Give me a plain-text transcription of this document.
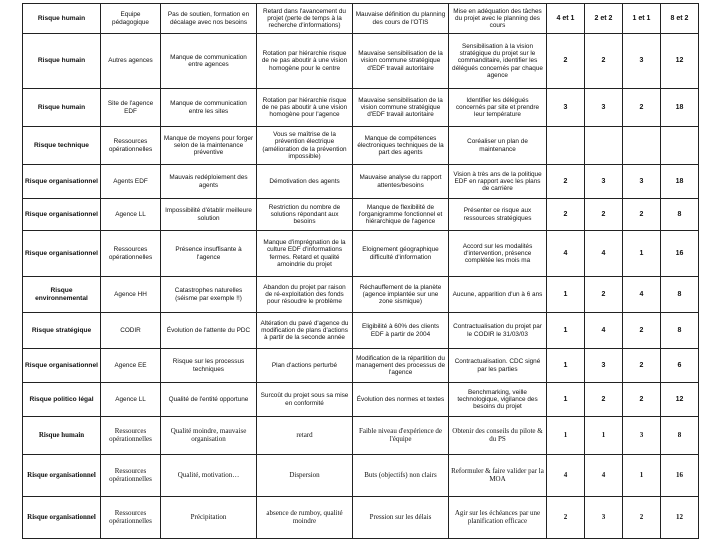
Risque humain	Equipe pédagogique	Pas de soutien, formation en décalage avec nos besoins	Retard dans l'avancement du projet (perte de temps à la recherche d'informations)	Mauvaise définition du planning des cours de l'OTIS	Mise en adéquation des tâches du projet avec le planning des cours	4 et 1	2 et 2	1 et 1	8 et 2
Risque humain	Autres agences	Manque de communication entre agences	Rotation par hiérarchie risque de ne pas aboutir à une vision homogène pour le centre	Mauvaise sensibilisation de la vision commune stratégique d'EDF travail autoritaire	Sensibilisation à la vision stratégique du projet sur le commanditaire, identifier les délégués concernés par chaque agence	2	2	3	12
Risque humain	Site de l'agence EDF	Manque de communication entre les sites	Rotation par hiérarchie risque de ne pas aboutir à une vision homogène pour l'agence	Mauvaise sensibilisation de la vision commune stratégique d'EDF travail autoritaire	Identifier les délégués concernés par site et prendre leur température	3	3	2	18
Risque technique	Ressources opérationnelles	Manque de moyens pour forger selon de la maintenance préventive	Vous se maîtrise de la prévention électrique (amélioration de la prévention impossible)	Manque de compétences électroniques techniques de la part des agents	Coréaliser un plan de maintenance				
Risque organisationnel	Agents EDF	Mauvais redéploiement des agents	Démotivation des agents	Mauvaise analyse du rapport attentes/besoins	Vision à très ans de la politique EDF en rapport avec les plans de carrière	2	3	3	18
Risque organisationnel	Agence LL	Impossibilité d'établir meilleure solution	Restriction du nombre de solutions répondant aux besoins	Manque de flexibilité de l'organigramme fonctionnel et hiérarchique de l'agence	Présenter ce risque aux ressources stratégiques	2	2	2	8
Risque organisationnel	Ressources opérationnelles	Présence insuffisante à l'agence	Manque d'imprégnation de la culture EDF d'informations fermes. Retard et qualité amoindrie du projet	Eloignement géographique difficulté d'information	Accord sur les modalités d'intervention, présence complétée les mois ma	4	4	1	16
Risque environnemental	Agence HH	Catastrophes naturelles (séisme par exemple !!)	Abandon du projet par raison de ré-exploitation des fonds pour résoudre le problème	Réchauffement de la planète (agence implantée sur une zone sismique)	Aucune, apparition d'un à 6 ans	1	2	4	8
Risque stratégique	CODIR	Évolution de l'attente du PDC	Altération du pavé d'agence du modification de plans d'actions à partir de la seconde année	Eligibilité à 60% des clients EDF à partir de 2004	Contractualisation du projet par le CODIR le 31/03/03	1	4	2	8
Risque organisationnel	Agence EE	Risque sur les processus techniques	Plan d'actions perturbé	Modification de la répartition du management des processus de l'agence	Contractualisation. CDC signé par les parties	1	3	2	6
Risque politico légal	Agence LL	Qualité de l'entité opportune	Surcoût du projet sous sa mise en conformité	Évolution des normes et textes	Benchmarking, veille technologique, vigilance des besoins du projet	1	2	2	12
Risque humain	Ressources opérationnelles	Qualité moindre, mauvaise organisation	retard	Faible niveau d'expérience de l'équipe	Obtenir des conseils du pilote & du PS	1	1	3	8
Risque organisationnel	Ressources opérationnelles	Qualité, motivation…	Dispersion	Buts (objectifs) non clairs	Reformuler & faire valider par la MOA	4	4	1	16
Risque organisationnel	Ressources opérationnelles	Précipitation	absence de rumboy, qualité moindre	Pression sur les délais	Agir sur les échéances par une planification efficace	2	3	2	12
